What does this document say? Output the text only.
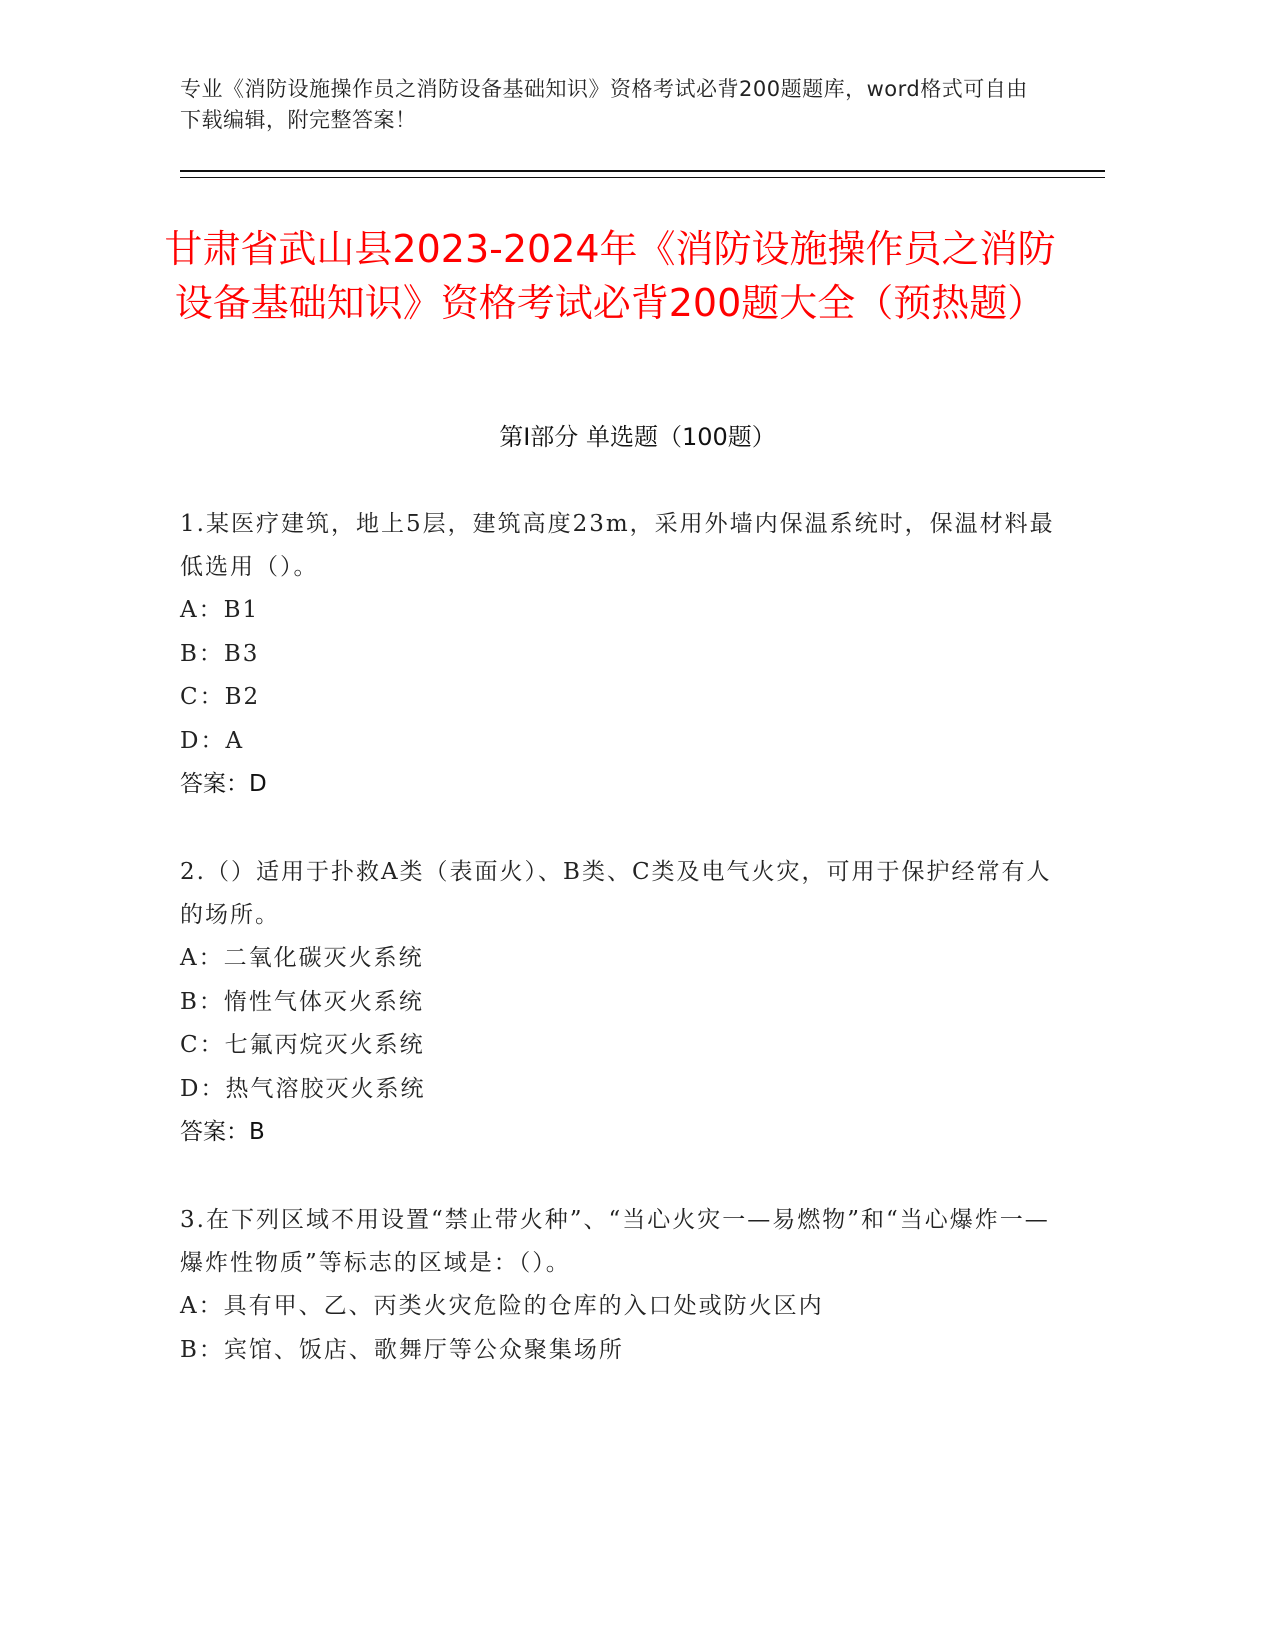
专业《消防设施操作员之消防设备基础知识》资格考试必背200题题库，word格式可自由下载编辑，附完整答案！
甘肃省武山县2023-2024年《消防设施操作员之消防设备基础知识》资格考试必背200题大全（预热题）
第Ⅰ部分 单选题（100题）
1.某医疗建筑，地上5层，建筑高度23m，采用外墙内保温系统时，保温材料最低选用（）。
A：B1
B：B3
C：B2
D：A
答案：D
2.（）适用于扑救A类（表面火）、B类、C类及电气火灾，可用于保护经常有人的场所。
A：二氧化碳灭火系统
B：惰性气体灭火系统
C：七氟丙烷灭火系统
D：热气溶胶灭火系统
答案：B
3.在下列区域不用设置“禁止带火种”、“当心火灾一—易燃物”和“当心爆炸一—爆炸性物质”等标志的区域是：（）。
A：具有甲、乙、丙类火灾危险的仓库的入口处或防火区内
B：宾馆、饭店、歌舞厅等公众聚集场所
